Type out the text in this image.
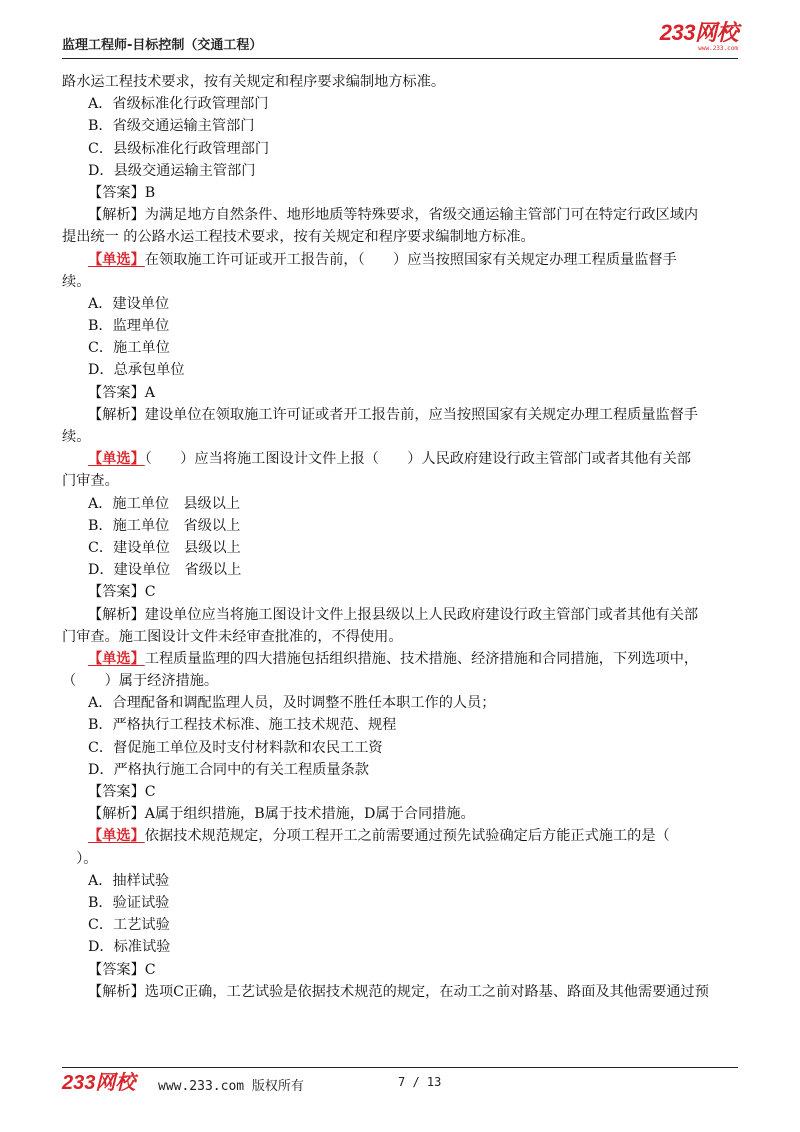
监理工程师-目标控制（交通工程）
233网校
www.233.com
路水运工程技术要求，按有关规定和程序要求编制地方标准。
A．省级标准化行政管理部门
B．省级交通运输主管部门
C．县级标准化行政管理部门
D．县级交通运输主管部门
【答案】B
【解析】为满足地方自然条件、地形地质等特殊要求，省级交通运输主管部门可在特定行政区域内
提出统一 的公路水运工程技术要求，按有关规定和程序要求编制地方标准。
【单选】在领取施工许可证或开工报告前，（　　）应当按照国家有关规定办理工程质量监督手
续。
A．建设单位
B．监理单位
C．施工单位
D．总承包单位
【答案】A
【解析】建设单位在领取施工许可证或者开工报告前，应当按照国家有关规定办理工程质量监督手
续。
【单选】（　　）应当将施工图设计文件上报（　　）人民政府建设行政主管部门或者其他有关部
门审查。
A．施工单位　县级以上
B．施工单位　省级以上
C．建设单位　县级以上
D．建设单位　省级以上
【答案】C
【解析】建设单位应当将施工图设计文件上报县级以上人民政府建设行政主管部门或者其他有关部
门审查。施工图设计文件未经审查批准的，不得使用。
【单选】工程质量监理的四大措施包括组织措施、技术措施、经济措施和合同措施，下列选项中，
（　　）属于经济措施。
A．合理配备和调配监理人员，及时调整不胜任本职工作的人员；
B．严格执行工程技术标准、施工技术规范、规程
C．督促施工单位及时支付材料款和农民工工资
D．严格执行施工合同中的有关工程质量条款
【答案】C
【解析】A属于组织措施，B属于技术措施，D属于合同措施。
【单选】依据技术规范规定，分项工程开工之前需要通过预先试验确定后方能正式施工的是（
　）。
A．抽样试验
B．验证试验
C．工艺试验
D．标准试验
【答案】C
【解析】选项C正确，工艺试验是依据技术规范的规定，在动工之前对路基、路面及其他需要通过预
233网校 www.233.com 版权所有	7 / 13
